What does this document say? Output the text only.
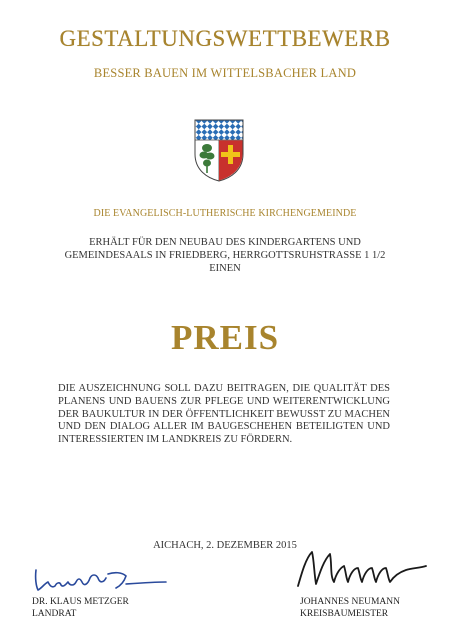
GESTALTUNGSWETTBEWERB
BESSER BAUEN IM WITTELSBACHER LAND
DIE EVANGELISCH-LUTHERISCHE KIRCHENGEMEINDE
ERHÄLT FÜR DEN NEUBAU DES KINDERGARTENS UND
GEMEINDESAALS IN FRIEDBERG, HERRGOTTSRUHSTRASSE 1 1/2
EINEN
PREIS
DIE AUSZEICHNUNG SOLL DAZU BEITRAGEN, DIE QUALITÄT DES PLANENS UND BAUENS ZUR PFLEGE UND WEITERENTWICKLUNG DER BAUKULTUR IN DER ÖFFENTLICHKEIT BEWUSST ZU MACHEN UND DEN DIALOG ALLER IM BAUGESCHEHEN BETEILIGTEN UND INTERESSIERTEN IM LANDKREIS ZU FÖRDERN.
AICHACH, 2. DEZEMBER 2015
DR. KLAUS METZGER
LANDRAT
JOHANNES NEUMANN
KREISBAUMEISTER
